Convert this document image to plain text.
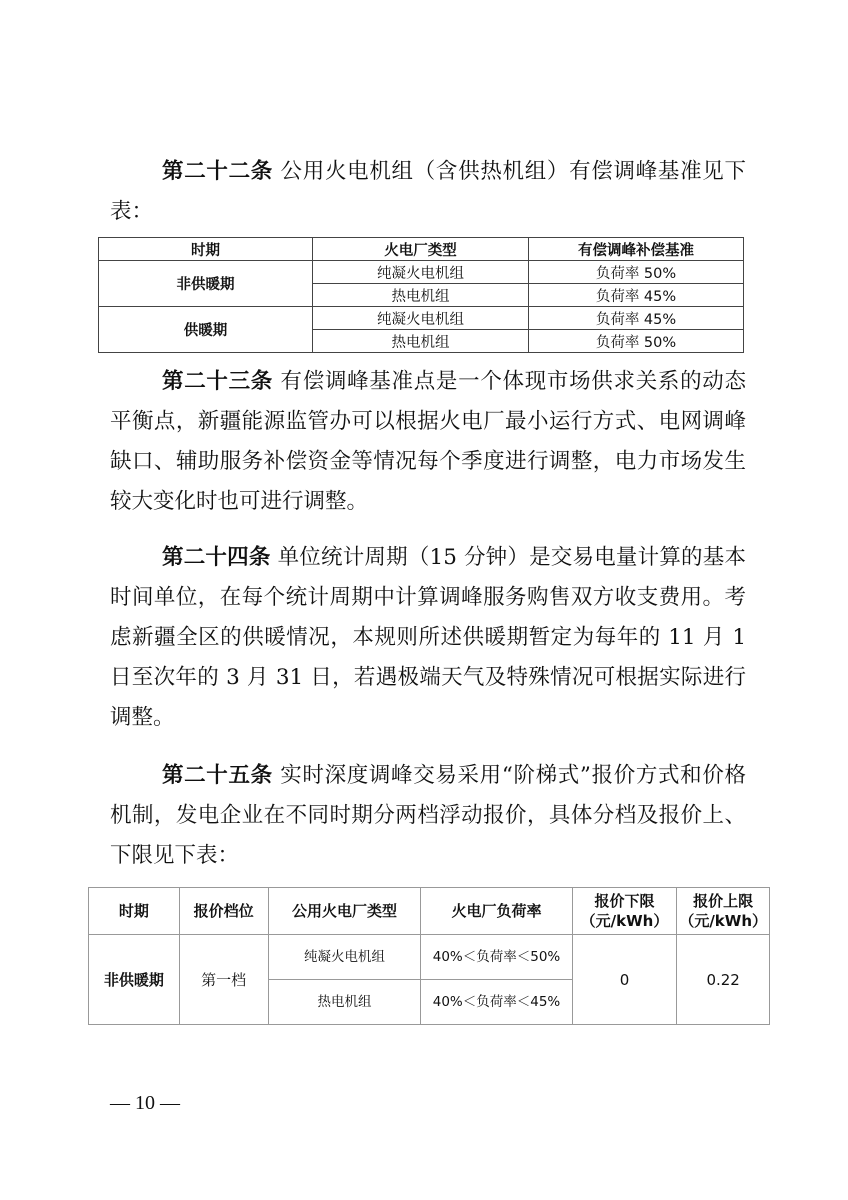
第二十二条 公用火电机组（含供热机组）有偿调峰基准见下表：

时期	火电厂类型	有偿调峰补偿基准
非供暖期	纯凝火电机组	负荷率 50%
	热电机组	负荷率 45%
供暖期	纯凝火电机组	负荷率 45%
	热电机组	负荷率 50%

第二十三条 有偿调峰基准点是一个体现市场供求关系的动态平衡点，新疆能源监管办可以根据火电厂最小运行方式、电网调峰缺口、辅助服务补偿资金等情况每个季度进行调整，电力市场发生较大变化时也可进行调整。

第二十四条 单位统计周期（15 分钟）是交易电量计算的基本时间单位，在每个统计周期中计算调峰服务购售双方收支费用。考虑新疆全区的供暖情况，本规则所述供暖期暂定为每年的 11 月 1 日至次年的 3 月 31 日，若遇极端天气及特殊情况可根据实际进行调整。

第二十五条 实时深度调峰交易采用“阶梯式”报价方式和价格机制，发电企业在不同时期分两档浮动报价，具体分档及报价上、下限见下表：

时期	报价档位	公用火电厂类型	火电厂负荷率	报价下限（元/kWh）	报价上限（元/kWh）
非供暖期	第一档	纯凝火电机组	40%＜负荷率＜50%	0	0.22
		热电机组	40%＜负荷率＜45%		
— 10 —
